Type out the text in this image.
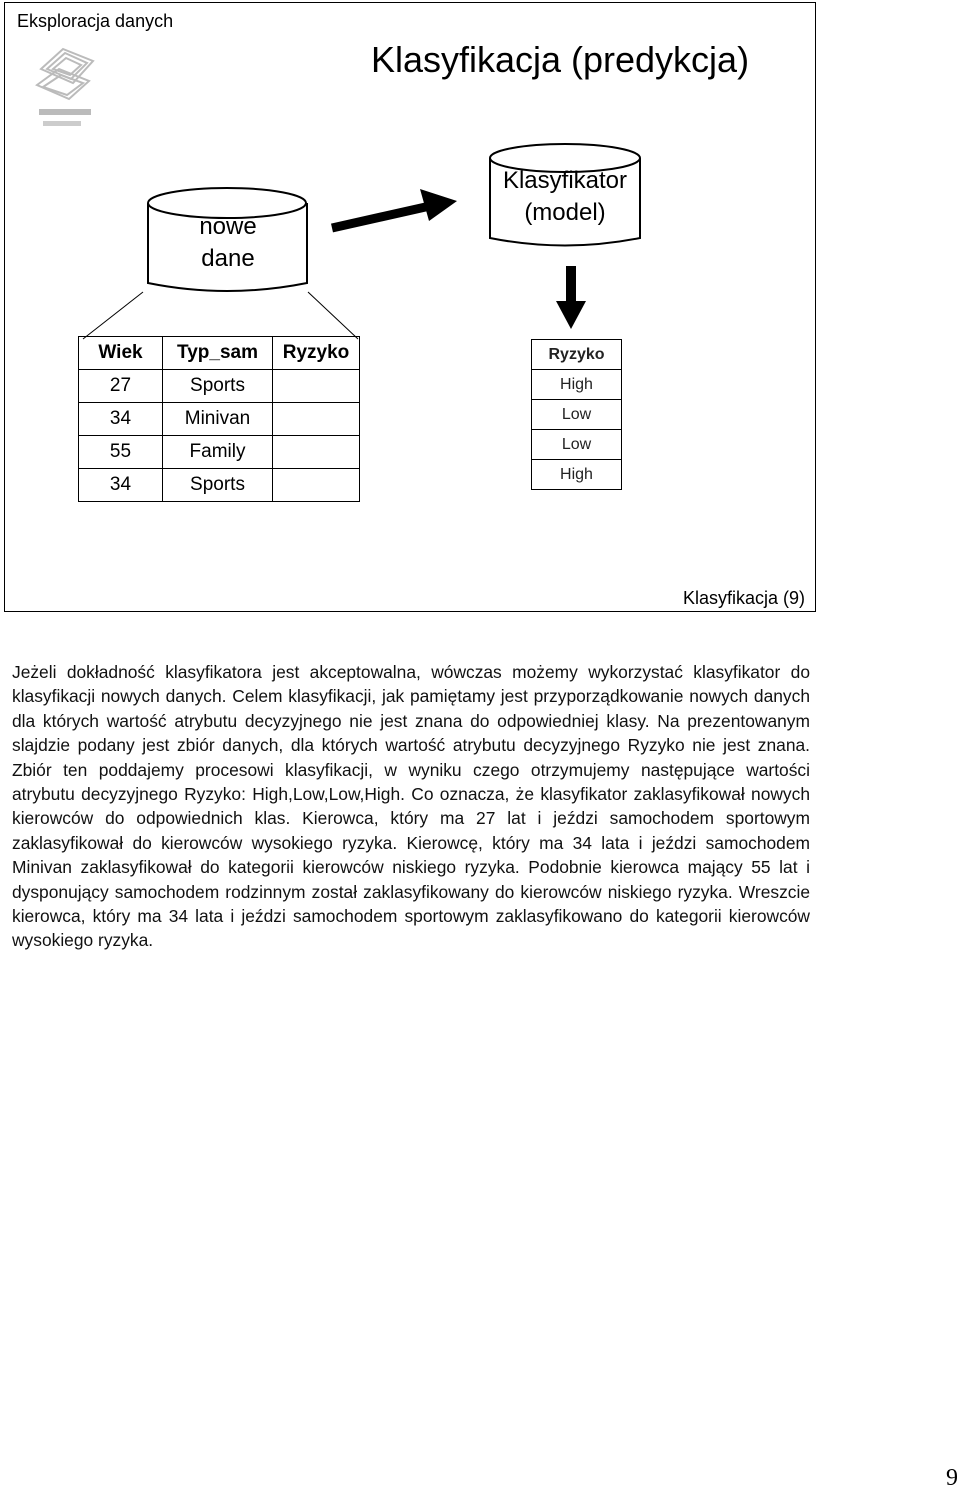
Eksploracja danych
Klasyfikacja (predykcja)
nowe
dane
Klasyfikator
(model)
Wiek	Typ_sam	Ryzyko
27	Sports	
34	Minivan	
55	Family	
34	Sports	
Ryzyko
High
Low
Low
High
Klasyfikacja (9)
Jeżeli dokładność klasyfikatora jest akceptowalna, wówczas możemy wykorzystać klasyfikator do klasyfikacji nowych danych. Celem klasyfikacji, jak pamiętamy jest przyporządkowanie nowych danych dla których wartość atrybutu decyzyjnego nie jest znana do odpowiedniej klasy. Na prezentowanym slajdzie podany jest zbiór danych, dla których wartość atrybutu decyzyjnego Ryzyko nie jest znana. Zbiór ten poddajemy procesowi klasyfikacji, w wyniku czego otrzymujemy następujące wartości atrybutu decyzyjnego Ryzyko: High,Low,Low,High. Co oznacza, że klasyfikator zaklasyfikował nowych kierowców do odpowiednich klas. Kierowca, który ma 27 lat i jeździ samochodem sportowym zaklasyfikował do kierowców wysokiego ryzyka. Kierowcę, który ma 34 lata i jeździ samochodem Minivan zaklasyfikował do kategorii kierowców niskiego ryzyka. Podobnie kierowca mający 55 lat i dysponujący samochodem rodzinnym został zaklasyfikowany do kierowców niskiego ryzyka. Wreszcie kierowca, który ma 34 lata i jeździ samochodem sportowym zaklasyfikowano do kategorii kierowców wysokiego ryzyka.
9
